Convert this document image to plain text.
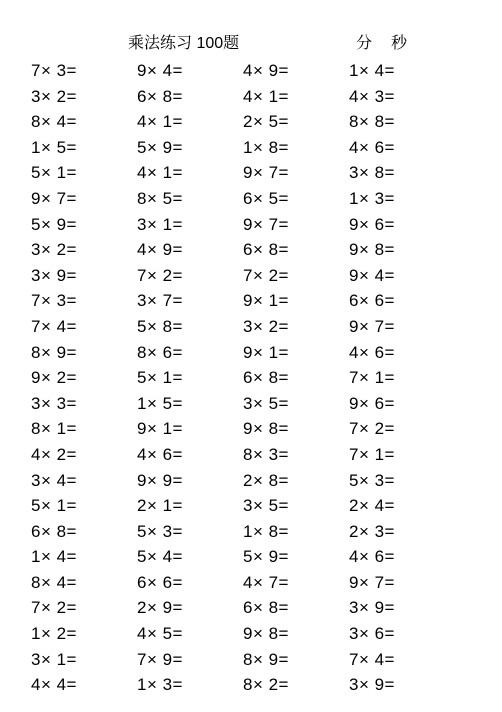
乘法练习 100题	分 秒
7× 3=	9× 4=	4× 9=	1× 4=
3× 2=	6× 8=	4× 1=	4× 3=
8× 4=	4× 1=	2× 5=	8× 8=
1× 5=	5× 9=	1× 8=	4× 6=
5× 1=	4× 1=	9× 7=	3× 8=
9× 7=	8× 5=	6× 5=	1× 3=
5× 9=	3× 1=	9× 7=	9× 6=
3× 2=	4× 9=	6× 8=	9× 8=
3× 9=	7× 2=	7× 2=	9× 4=
7× 3=	3× 7=	9× 1=	6× 6=
7× 4=	5× 8=	3× 2=	9× 7=
8× 9=	8× 6=	9× 1=	4× 6=
9× 2=	5× 1=	6× 8=	7× 1=
3× 3=	1× 5=	3× 5=	9× 6=
8× 1=	9× 1=	9× 8=	7× 2=
4× 2=	4× 6=	8× 3=	7× 1=
3× 4=	9× 9=	2× 8=	5× 3=
5× 1=	2× 1=	3× 5=	2× 4=
6× 8=	5× 3=	1× 8=	2× 3=
1× 4=	5× 4=	5× 9=	4× 6=
8× 4=	6× 6=	4× 7=	9× 7=
7× 2=	2× 9=	6× 8=	3× 9=
1× 2=	4× 5=	9× 8=	3× 6=
3× 1=	7× 9=	8× 9=	7× 4=
4× 4=	1× 3=	8× 2=	3× 9=
